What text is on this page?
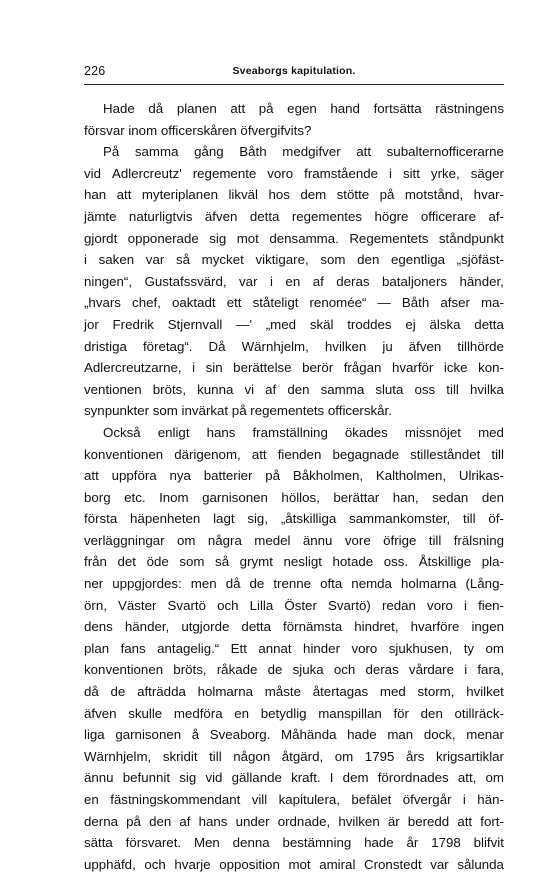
226	Sveaborgs kapitulation.
Hade då planen att på egen hand fortsätta rästningens
försvar inom officerskåren öfvergifvits?
På samma gång Båth medgifver att subalternofficerarne
vid Adlercreutz' regemente voro framstående i sitt yrke, säger
han att myteriplanen likväl hos dem stötte på motstånd, hvar-
jämte naturligtvis äfven detta regementes högre officerare af-
gjordt opponerade sig mot densamma. Regementets ståndpunkt
i saken var så mycket viktigare, som den egentliga „sjöfäst-
ningen“, Gustafssvärd, var i en af deras bataljoners händer,
„hvars chef, oaktadt ett ståteligt renomée“ — Båth afser ma-
jor Fredrik Stjernvall —' „med skäl troddes ej älska detta
dristiga företag“. Då Wärnhjelm, hvilken ju äfven tillhörde
Adlercreutzarne, i sin berättelse berör frågan hvarför icke kon-
ventionen bröts, kunna vi af den samma sluta oss till hvilka
synpunkter som invärkat på regementets officerskår.
Också enligt hans framställning ökades missnöjet med
konventionen därigenom, att fienden begagnade stilleståndet till
att uppföra nya batterier på Båkholmen, Kaltholmen, Ulrikas-
borg etc. Inom garnisonen höllos, berättar han, sedan den
första häpenheten lagt sig, „åtskilliga sammankomster, till öf-
verläggningar om några medel ännu vore öfrige till frälsning
från det öde som så grymt nesligt hotade oss. Åtskillige pla-
ner uppgjordes: men då de trenne ofta nemda holmarna (Lång-
örn, Väster Svartö och Lilla Öster Svartö) redan voro i fien-
dens händer, utgjorde detta förnämsta hindret, hvarföre ingen
plan fans antagelig.“ Ett annat hinder voro sjukhusen, ty om
konventionen bröts, råkade de sjuka och deras vårdare i fara,
då de afträdda holmarna måste återtagas med storm, hvilket
äfven skulle medföra en betydlig manspillan för den otillräck-
liga garnisonen å Sveaborg. Måhända hade man dock, menar
Wärnhjelm, skridit till någon åtgärd, om 1795 års krigsartiklar
ännu befunnit sig vid gällande kraft. I dem förordnades att, om
en fästningskommendant vill kapitulera, befälet öfvergår i hän-
derna på den af hans under ordnade, hvilken är beredd att fort-
sätta försvaret. Men denna bestämning hade år 1798 blifvit
upphäfd, och hvarje opposition mot amiral Cronstedt var sålunda
